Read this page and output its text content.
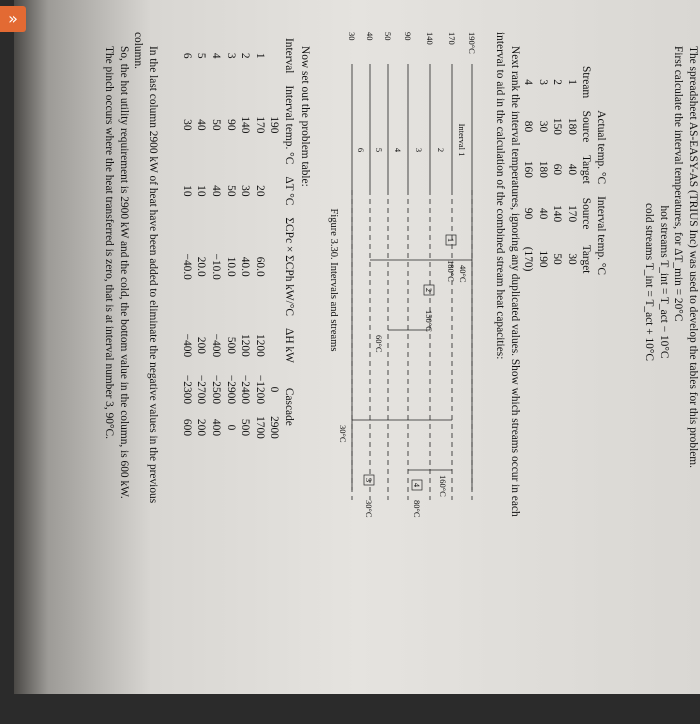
»

The spreadsheet AS-EASY-AS (TRIUS Inc) was used to develop the tables for this problem.

First calculate the interval temperatures, for ΔT_min = 20°C

hot streams T_int = T_act − 10°C

cold streams T_int = T_act + 10°C

	Actual temp. °C		Interval temp. °C	
Stream	Source	Target	Source	Target
1	180	40	170	30
2	150	60	140	50
3	30	180	40	190
4	80	160	90	(170)

Next rank the interval temperatures, ignoring any duplicated values. Show which streams occur in each interval to aid in the calculation of the combined stream heat capacities:

190°C
170
140
90
50
40
30
Interval 1
2
3
4
5
6
1
180°C
30°C
2
150°C
60°C
3
30°C
40°C
4
80°C
160°C

Figure 3.30. Intervals and streams

Now set out the problem table:

Interval	Interval temp. °C	ΔT °C	ΣCPc × ΣCPh kW/°C	ΔH kW	Cascade	
	190				0	2900
1	170	20	60.0	1200	−1200	1700
2	140	30	40.0	1200	−2400	500
3	90	50	10.0	500	−2900	0
4	50	40	−10.0	−400	−2500	400
5	40	10	20.0	200	−2700	200
6	30	10	−40.0	−400	−2300	600

In the last column 2900 kW of heat have been added to eliminate the negative values in the previous column.

So, the hot utility requirement is 2900 kW and the cold, the bottom value in the column, is 600 kW.

The pinch occurs where the heat transferred is zero, that is at interval number 3, 90°C.
